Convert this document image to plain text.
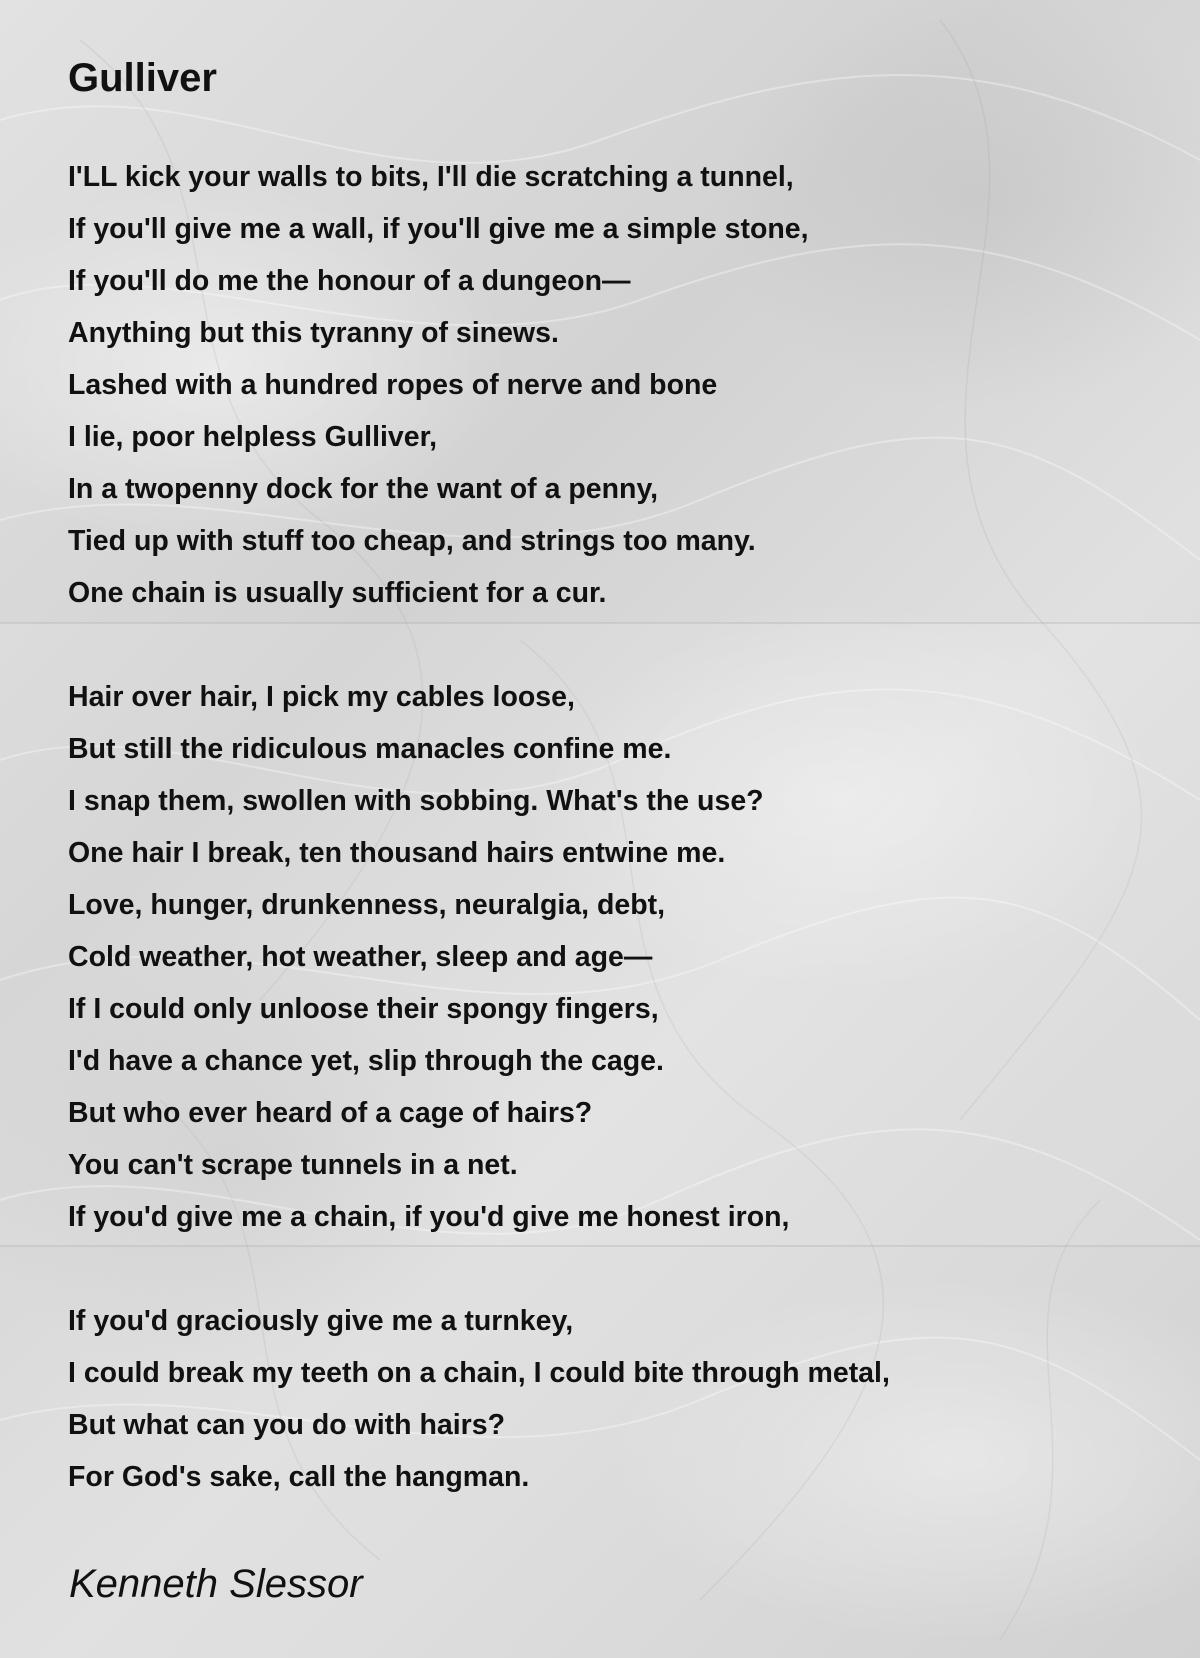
Gulliver
I'LL kick your walls to bits, I'll die scratching a tunnel,
If you'll give me a wall, if you'll give me a simple stone,
If you'll do me the honour of a dungeon—
Anything but this tyranny of sinews.
Lashed with a hundred ropes of nerve and bone
I lie, poor helpless Gulliver,
In a twopenny dock for the want of a penny,
Tied up with stuff too cheap, and strings too many.
One chain is usually sufficient for a cur.
Hair over hair, I pick my cables loose,
But still the ridiculous manacles confine me.
I snap them, swollen with sobbing. What's the use?
One hair I break, ten thousand hairs entwine me.
Love, hunger, drunkenness, neuralgia, debt,
Cold weather, hot weather, sleep and age—
If I could only unloose their spongy fingers,
I'd have a chance yet, slip through the cage.
But who ever heard of a cage of hairs?
You can't scrape tunnels in a net.
If you'd give me a chain, if you'd give me honest iron,
If you'd graciously give me a turnkey,
I could break my teeth on a chain, I could bite through metal,
But what can you do with hairs?
For God's sake, call the hangman.
Kenneth Slessor
